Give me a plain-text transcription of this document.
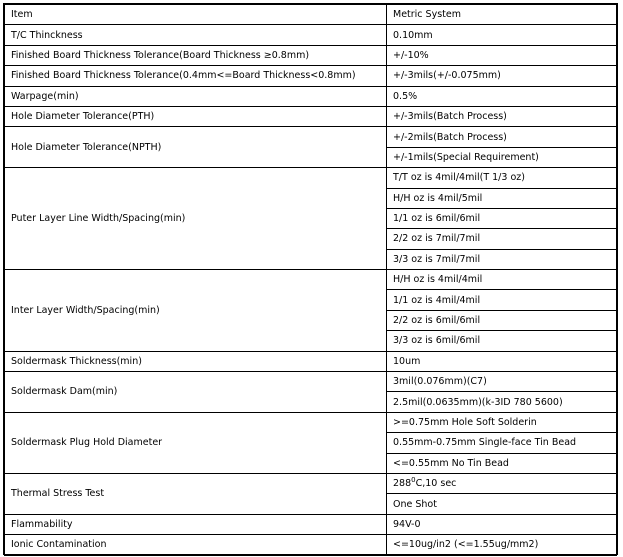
Item	Metric System
T/C Thinckness	0.10mm
Finished Board Thickness Tolerance(Board Thickness ≥0.8mm)	+/-10%
Finished Board Thickness Tolerance(0.4mm<=Board Thickness<0.8mm)	+/-3mils(+/-0.075mm)
Warpage(min)	0.5%
Hole Diameter Tolerance(PTH)	+/-3mils(Batch Process)
Hole Diameter Tolerance(NPTH)	+/-2mils(Batch Process)
	+/-1mils(Special Requirement)
Puter Layer Line Width/Spacing(min)	T/T oz is 4mil/4mil(T 1/3 oz)
	H/H oz is 4mil/5mil
	1/1 oz is 6mil/6mil
	2/2 oz is 7mil/7mil
	3/3 oz is 7mil/7mil
Inter Layer Width/Spacing(min)	H/H oz is 4mil/4mil
	1/1 oz is 4mil/4mil
	2/2 oz is 6mil/6mil
	3/3 oz is 6mil/6mil
Soldermask Thickness(min)	10um
Soldermask Dam(min)	3mil(0.076mm)(C7)
	2.5mil(0.0635mm)(k-3ID 780 5600)
Soldermask Plug Hold Diameter	>=0.75mm Hole Soft Solderin
	0.55mm-0.75mm Single-face Tin Bead
	<=0.55mm No Tin Bead
Thermal Stress Test	$288^0C,10$ sec
	One Shot
Flammability	94V-0
Ionic Contamination	<=10ug/in2 (<=1.55ug/mm2)
